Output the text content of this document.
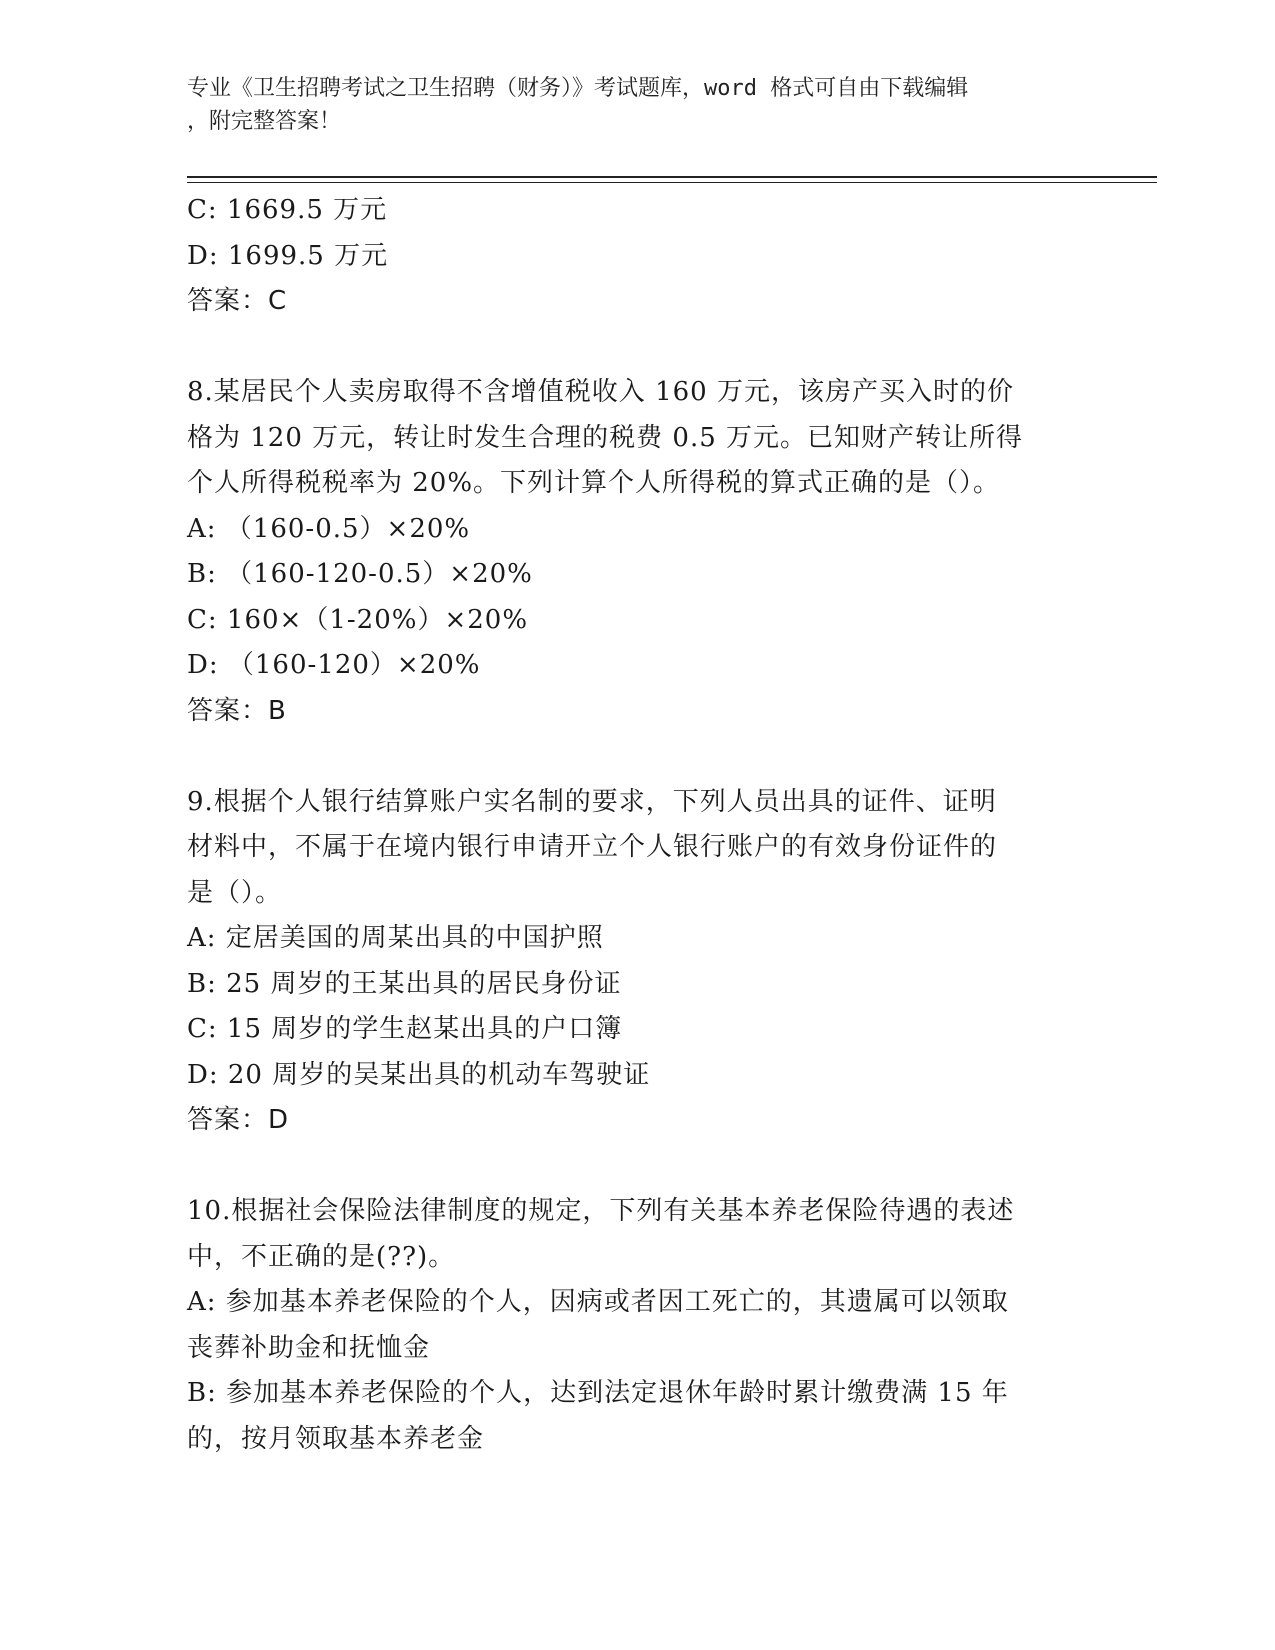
专业《卫生招聘考试之卫生招聘（财务）》考试题库，word 格式可自由下载编辑
，附完整答案！
C: 1669.5 万元
D: 1699.5 万元
答案：C
8.某居民个人卖房取得不含增值税收入 160 万元，该房产买入时的价
格为 120 万元，转让时发生合理的税费 0.5 万元。已知财产转让所得
个人所得税税率为 20%。下列计算个人所得税的算式正确的是（）。
A: （160-0.5）×20%
B: （160-120-0.5）×20%
C: 160×（1-20%）×20%
D: （160-120）×20%
答案：B
9.根据个人银行结算账户实名制的要求，下列人员出具的证件、证明
材料中，不属于在境内银行申请开立个人银行账户的有效身份证件的
是（）。
A: 定居美国的周某出具的中国护照
B: 25 周岁的王某出具的居民身份证
C: 15 周岁的学生赵某出具的户口簿
D: 20 周岁的吴某出具的机动车驾驶证
答案：D
10.根据社会保险法律制度的规定，下列有关基本养老保险待遇的表述
中，不正确的是(??)。
A: 参加基本养老保险的个人，因病或者因工死亡的，其遗属可以领取
丧葬补助金和抚恤金
B: 参加基本养老保险的个人，达到法定退休年龄时累计缴费满 15 年
的，按月领取基本养老金
